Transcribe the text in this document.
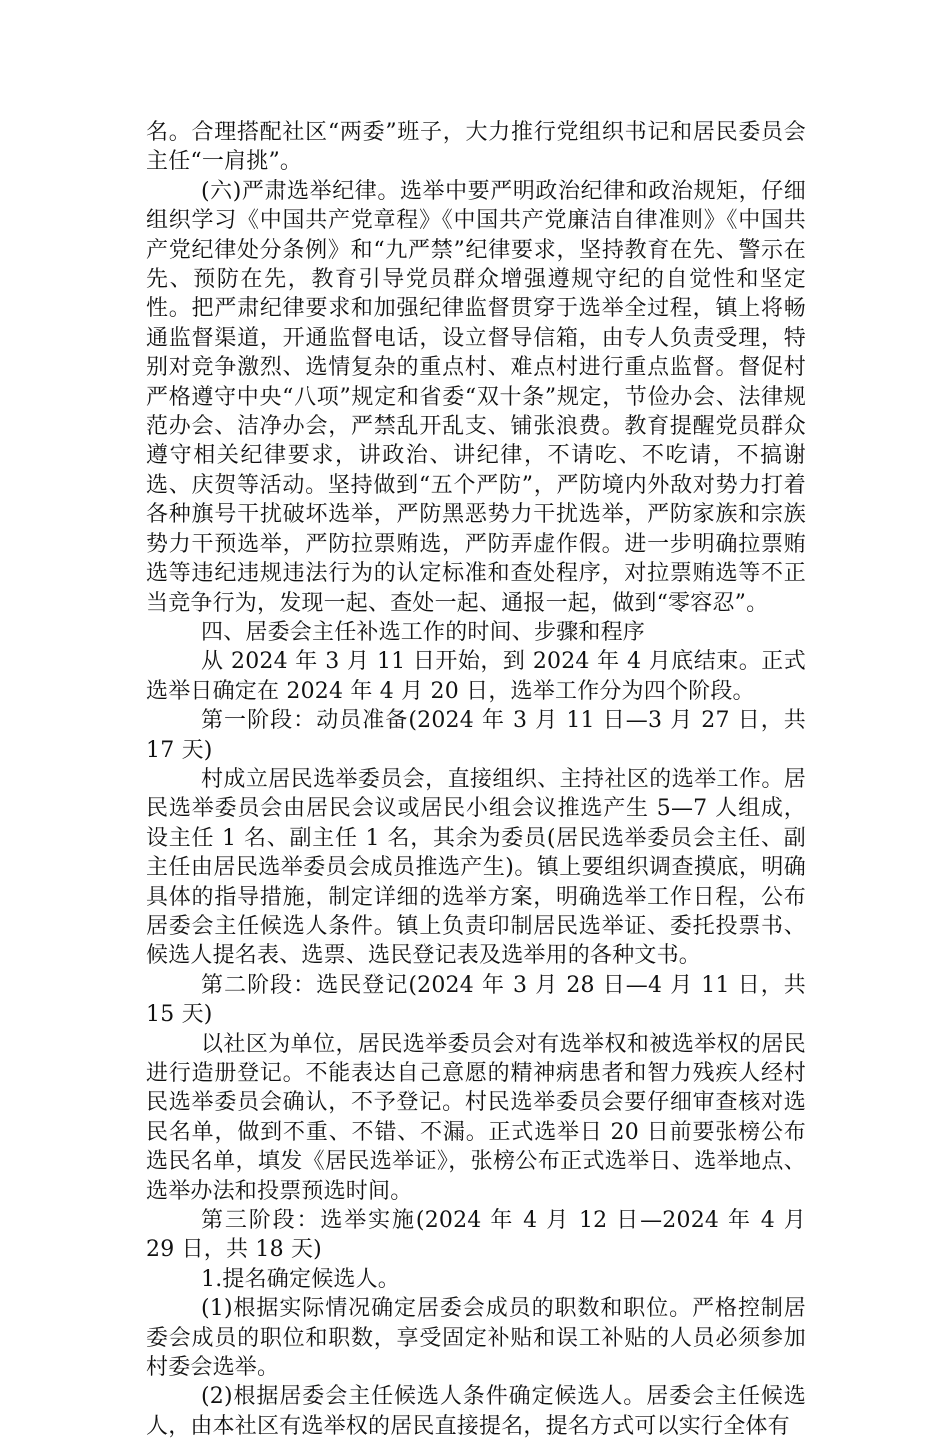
名。合理搭配社区“两委”班子，大力推行党组织书记和居民委员会主任“一肩挑”。

(六)严肃选举纪律。选举中要严明政治纪律和政治规矩，仔细组织学习《中国共产党章程》《中国共产党廉洁自律准则》《中国共产党纪律处分条例》和“九严禁”纪律要求，坚持教育在先、警示在先、预防在先，教育引导党员群众增强遵规守纪的自觉性和坚定性。把严肃纪律要求和加强纪律监督贯穿于选举全过程，镇上将畅通监督渠道，开通监督电话，设立督导信箱，由专人负责受理，特别对竞争激烈、选情复杂的重点村、难点村进行重点监督。督促村严格遵守中央“八项”规定和省委“双十条”规定，节俭办会、法律规范办会、洁净办会，严禁乱开乱支、铺张浪费。教育提醒党员群众遵守相关纪律要求，讲政治、讲纪律，不请吃、不吃请，不搞谢选、庆贺等活动。坚持做到“五个严防”，严防境内外敌对势力打着各种旗号干扰破坏选举，严防黑恶势力干扰选举，严防家族和宗族势力干预选举，严防拉票贿选，严防弄虚作假。进一步明确拉票贿选等违纪违规违法行为的认定标准和查处程序，对拉票贿选等不正当竞争行为，发现一起、查处一起、通报一起，做到“零容忍”。

四、居委会主任补选工作的时间、步骤和程序

从 2024 年 3 月 11 日开始，到 2024 年 4 月底结束。正式选举日确定在 2024 年 4 月 20 日，选举工作分为四个阶段。

第一阶段：动员准备(2024 年 3 月 11 日—3 月 27 日，共 17 天)

村成立居民选举委员会，直接组织、主持社区的选举工作。居民选举委员会由居民会议或居民小组会议推选产生 5—7 人组成，设主任 1 名、副主任 1 名，其余为委员(居民选举委员会主任、副主任由居民选举委员会成员推选产生)。镇上要组织调查摸底，明确具体的指导措施，制定详细的选举方案，明确选举工作日程，公布居委会主任候选人条件。镇上负责印制居民选举证、委托投票书、候选人提名表、选票、选民登记表及选举用的各种文书。

第二阶段：选民登记(2024 年 3 月 28 日—4 月 11 日，共 15 天)

以社区为单位，居民选举委员会对有选举权和被选举权的居民进行造册登记。不能表达自己意愿的精神病患者和智力残疾人经村民选举委员会确认，不予登记。村民选举委员会要仔细审查核对选民名单，做到不重、不错、不漏。正式选举日 20 日前要张榜公布选民名单，填发《居民选举证》，张榜公布正式选举日、选举地点、选举办法和投票预选时间。

第三阶段：选举实施(2024 年 4 月 12 日—2024 年 4 月 29 日，共 18 天)

1.提名确定候选人。

(1)根据实际情况确定居委会成员的职数和职位。严格控制居委会成员的职位和职数，享受固定补贴和误工补贴的人员必须参加村委会选举。

(2)根据居委会主任候选人条件确定候选人。居委会主任候选人，由本社区有选举权的居民直接提名，提名方式可以实行全体有
